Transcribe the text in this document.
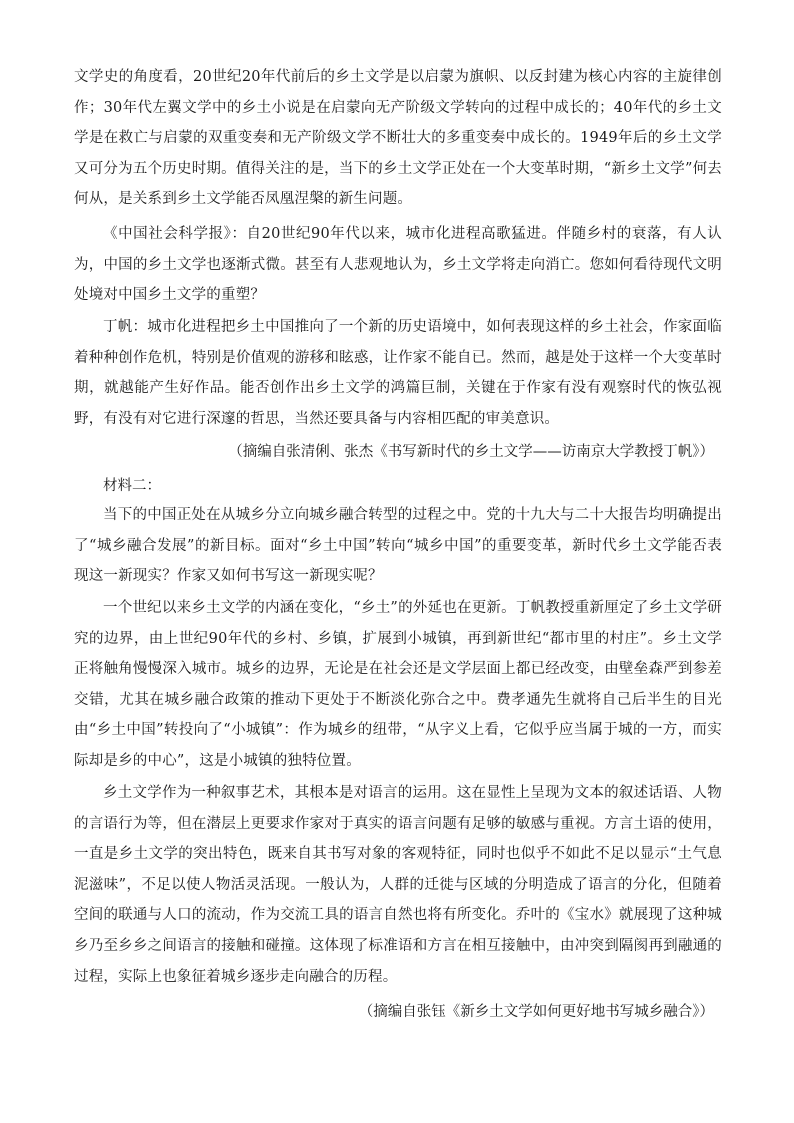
文学史的角度看，20世纪20年代前后的乡土文学是以启蒙为旗帜、以反封建为核心内容的主旋律创作；30年代左翼文学中的乡土小说是在启蒙向无产阶级文学转向的过程中成长的；40年代的乡土文学是在救亡与启蒙的双重变奏和无产阶级文学不断壮大的多重变奏中成长的。1949年后的乡土文学又可分为五个历史时期。值得关注的是，当下的乡土文学正处在一个大变革时期，“新乡土文学”何去何从，是关系到乡土文学能否凤凰涅槃的新生问题。

《中国社会科学报》：自20世纪90年代以来，城市化进程高歌猛进。伴随乡村的衰落，有人认为，中国的乡土文学也逐渐式微。甚至有人悲观地认为，乡土文学将走向消亡。您如何看待现代文明处境对中国乡土文学的重塑？

丁帆：城市化进程把乡土中国推向了一个新的历史语境中，如何表现这样的乡土社会，作家面临着种种创作危机，特别是价值观的游移和眩惑，让作家不能自已。然而，越是处于这样一个大变革时期，就越能产生好作品。能否创作出乡土文学的鸿篇巨制，关键在于作家有没有观察时代的恢弘视野，有没有对它进行深邃的哲思，当然还要具备与内容相匹配的审美意识。

（摘编自张清俐、张杰《书写新时代的乡土文学——访南京大学教授丁帆》）

材料二：

当下的中国正处在从城乡分立向城乡融合转型的过程之中。党的十九大与二十大报告均明确提出了“城乡融合发展”的新目标。面对“乡土中国”转向“城乡中国”的重要变革，新时代乡土文学能否表现这一新现实？作家又如何书写这一新现实呢？

一个世纪以来乡土文学的内涵在变化，“乡土”的外延也在更新。丁帆教授重新厘定了乡土文学研究的边界，由上世纪90年代的乡村、乡镇，扩展到小城镇，再到新世纪“都市里的村庄”。乡土文学正将触角慢慢深入城市。城乡的边界，无论是在社会还是文学层面上都已经改变，由壁垒森严到参差交错，尤其在城乡融合政策的推动下更处于不断淡化弥合之中。费孝通先生就将自己后半生的目光由“乡土中国”转投向了“小城镇”：作为城乡的纽带，“从字义上看，它似乎应当属于城的一方，而实际却是乡的中心”，这是小城镇的独特位置。

乡土文学作为一种叙事艺术，其根本是对语言的运用。这在显性上呈现为文本的叙述话语、人物的言语行为等，但在潜层上更要求作家对于真实的语言问题有足够的敏感与重视。方言土语的使用，一直是乡土文学的突出特色，既来自其书写对象的客观特征，同时也似乎不如此不足以显示“土气息泥滋味”，不足以使人物活灵活现。一般认为，人群的迁徙与区域的分明造成了语言的分化，但随着空间的联通与人口的流动，作为交流工具的语言自然也将有所变化。乔叶的《宝水》就展现了这种城乡乃至乡乡之间语言的接触和碰撞。这体现了标准语和方言在相互接触中，由冲突到隔阂再到融通的过程，实际上也象征着城乡逐步走向融合的历程。

（摘编自张钰《新乡土文学如何更好地书写城乡融合》）
